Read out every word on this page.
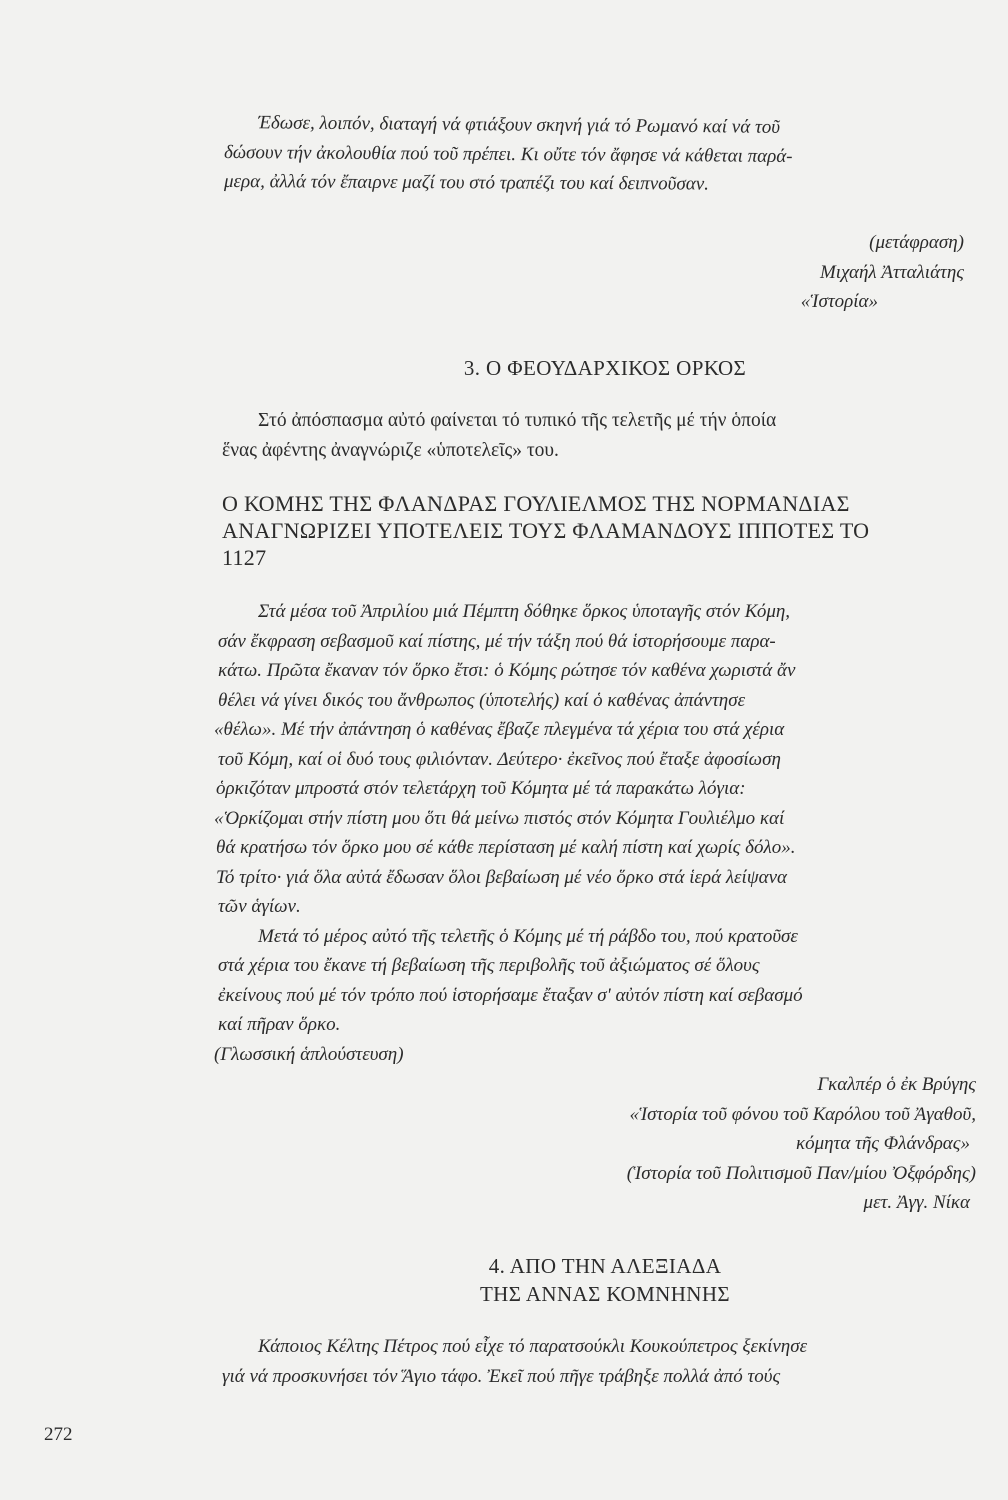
Έδωσε, λοιπόν, διαταγή νά φτιάξουν σκηνή γιά τό Ρωμανό καί νά τοῦ
δώσουν τήν ἀκολουθία πού τοῦ πρέπει. Κι οὔτε τόν ἄφησε νά κάθεται παρά-
μερα, ἀλλά τόν ἔπαιρνε μαζί του στό τραπέζι του καί δειπνοῦσαν.
(μετάφραση)
Μιχαήλ Ἀτταλιάτης
«Ἱστορία»
3. Ο ΦΕΟΥΔΑΡΧΙΚΟΣ ΟΡΚΟΣ
Στό ἀπόσπασμα αὐτό φαίνεται τό τυπικό τῆς τελετῆς μέ τήν ὁποία
ἕνας ἀφέντης ἀναγνώριζε «ὑποτελεῖς» του.
Ο ΚΟΜΗΣ ΤΗΣ ΦΛΑΝΔΡΑΣ ΓΟΥΛΙΕΛΜΟΣ ΤΗΣ ΝΟΡΜΑΝΔΙΑΣ
ΑΝΑΓΝΩΡΙΖΕΙ ΥΠΟΤΕΛΕΙΣ ΤΟΥΣ ΦΛΑΜΑΝΔΟΥΣ ΙΠΠΟΤΕΣ ΤΟ
1127
Στά μέσα τοῦ Ἀπριλίου μιά Πέμπτη δόθηκε ὅρκος ὑποταγῆς στόν Κόμη,
σάν ἔκφραση σεβασμοῦ καί πίστης, μέ τήν τάξη πού θά ἱστορήσουμε παρα-
κάτω. Πρῶτα ἔκαναν τόν ὅρκο ἔτσι: ὁ Κόμης ρώτησε τόν καθένα χωριστά ἄν
θέλει νά γίνει δικός του ἄνθρωπος (ὑποτελής) καί ὁ καθένας ἀπάντησε
«θέλω». Μέ τήν ἀπάντηση ὁ καθένας ἔβαζε πλεγμένα τά χέρια του στά χέρια
τοῦ Κόμη, καί οἱ δυό τους φιλιόνταν. Δεύτερο· ἐκεῖνος πού ἔταξε ἀφοσίωση
ὁρκιζόταν μπροστά στόν τελετάρχη τοῦ Κόμητα μέ τά παρακάτω λόγια:
«Ὁρκίζομαι στήν πίστη μου ὅτι θά μείνω πιστός στόν Κόμητα Γουλιέλμο καί
θά κρατήσω τόν ὅρκο μου σέ κάθε περίσταση μέ καλή πίστη καί χωρίς δόλο».
Τό τρίτο· γιά ὅλα αὐτά ἔδωσαν ὅλοι βεβαίωση μέ νέο ὅρκο στά ἱερά λείψανα
τῶν ἁγίων.
Μετά τό μέρος αὐτό τῆς τελετῆς ὁ Κόμης μέ τή ράβδο του, πού κρατοῦσε
στά χέρια του ἔκανε τή βεβαίωση τῆς περιβολῆς τοῦ ἀξιώματος σέ ὅλους
ἐκείνους πού μέ τόν τρόπο πού ἱστορήσαμε ἔταξαν σ' αὐτόν πίστη καί σεβασμό
καί πῆραν ὅρκο.
(Γλωσσική ἁπλούστευση)
Γκαλπέρ ὁ ἐκ Βρύγης
«Ἱστορία τοῦ φόνου τοῦ Καρόλου τοῦ Ἀγαθοῦ,
κόμητα τῆς Φλάνδρας»
(Ἱστορία τοῦ Πολιτισμοῦ Παν/μίου Ὀξφόρδης)
μετ. Ἀγγ. Νίκα
4. ΑΠΟ ΤΗΝ ΑΛΕΞΙΑΔΑ
ΤΗΣ ΑΝΝΑΣ ΚΟΜΝΗΝΗΣ
Κάποιος Κέλτης Πέτρος πού εἶχε τό παρατσούκλι Κουκούπετρος ξεκίνησε
γιά νά προσκυνήσει τόν Ἅγιο τάφο. Ἐκεῖ πού πῆγε τράβηξε πολλά ἀπό τούς
272
